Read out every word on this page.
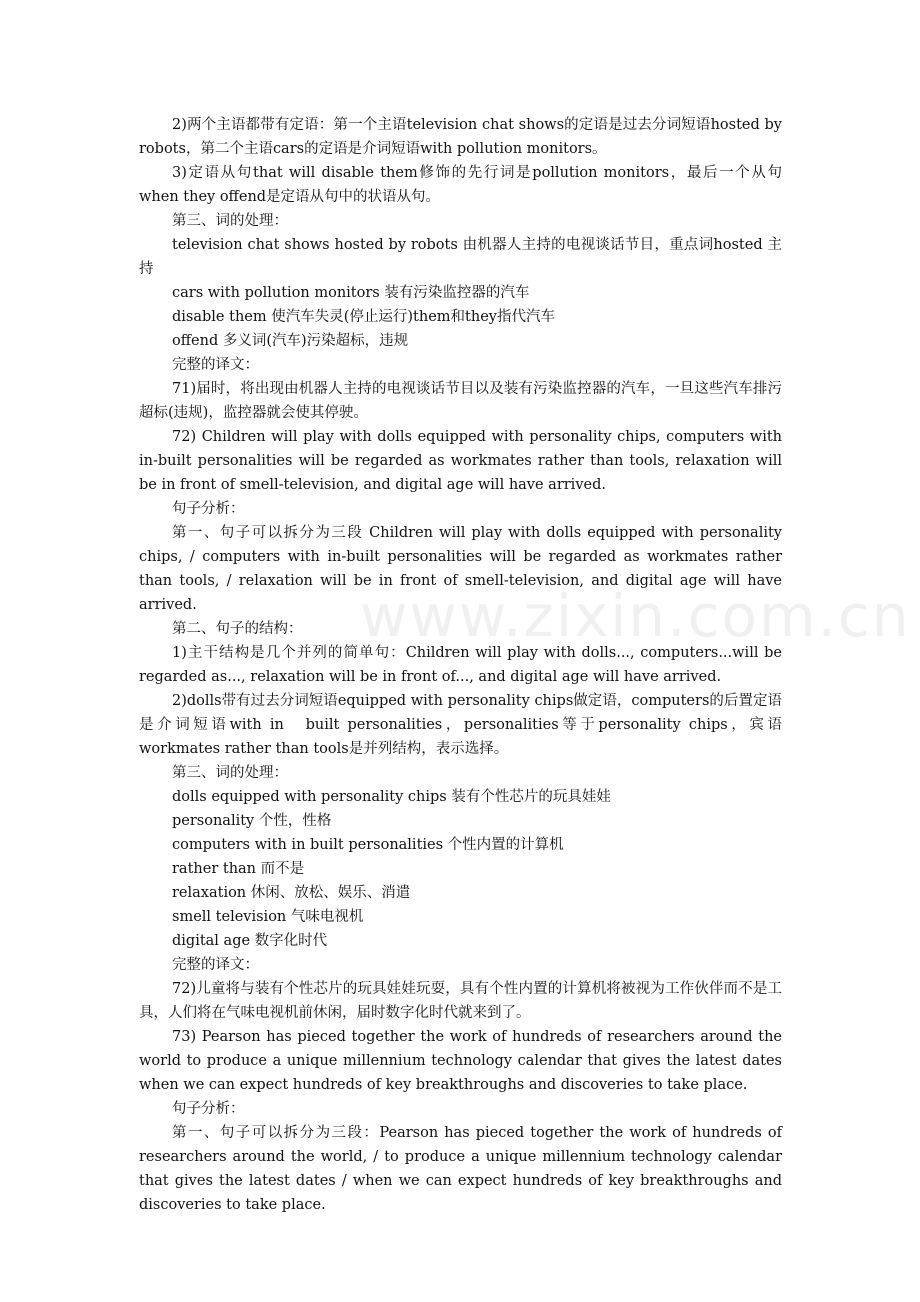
www.zixin.com.cn

2)两个主语都带有定语：第一个主语television chat shows的定语是过去分词短语hosted by robots，第二个主语cars的定语是介词短语with pollution monitors。

3)定语从句that will disable them修饰的先行词是pollution monitors，最后一个从句when they offend是定语从句中的状语从句。

第三、词的处理：

television chat shows hosted by robots 由机器人主持的电视谈话节目，重点词hosted 主持

cars with pollution monitors 装有污染监控器的汽车

disable them 使汽车失灵(停止运行)them和they指代汽车

offend 多义词(汽车)污染超标，违规

完整的译文：

71)届时，将出现由机器人主持的电视谈话节目以及装有污染监控器的汽车，一旦这些汽车排污超标(违规)，监控器就会使其停驶。

72) Children will play with dolls equipped with personality chips, computers with in-built personalities will be regarded as workmates rather than tools, relaxation will be in front of smell-television, and digital age will have arrived.

句子分析：

第一、句子可以拆分为三段 Children will play with dolls equipped with personality chips, / computers with in-built personalities will be regarded as workmates rather than tools, / relaxation will be in front of smell-television, and digital age will have arrived.

第二、句子的结构：

1)主干结构是几个并列的简单句：Children will play with dolls..., computers...will be regarded as..., relaxation will be in front of..., and digital age will have arrived.

2)dolls带有过去分词短语equipped with personality chips做定语，computers的后置定语是介词短语with in　built personalities，personalities等于personality chips，宾语workmates rather than tools是并列结构，表示选择。

第三、词的处理：

dolls equipped with personality chips 装有个性芯片的玩具娃娃

personality 个性，性格

computers with in built personalities 个性内置的计算机

rather than 而不是

relaxation 休闲、放松、娱乐、消遣

smell television 气味电视机

digital age 数字化时代

完整的译文：

72)儿童将与装有个性芯片的玩具娃娃玩耍，具有个性内置的计算机将被视为工作伙伴而不是工具，人们将在气味电视机前休闲，届时数字化时代就来到了。

73) Pearson has pieced together the work of hundreds of researchers around the world to produce a unique millennium technology calendar that gives the latest dates when we can expect hundreds of key breakthroughs and discoveries to take place.

句子分析：

第一、句子可以拆分为三段：Pearson has pieced together the work of hundreds of researchers around the world, / to produce a unique millennium technology calendar that gives the latest dates / when we can expect hundreds of key breakthroughs and discoveries to take place.
